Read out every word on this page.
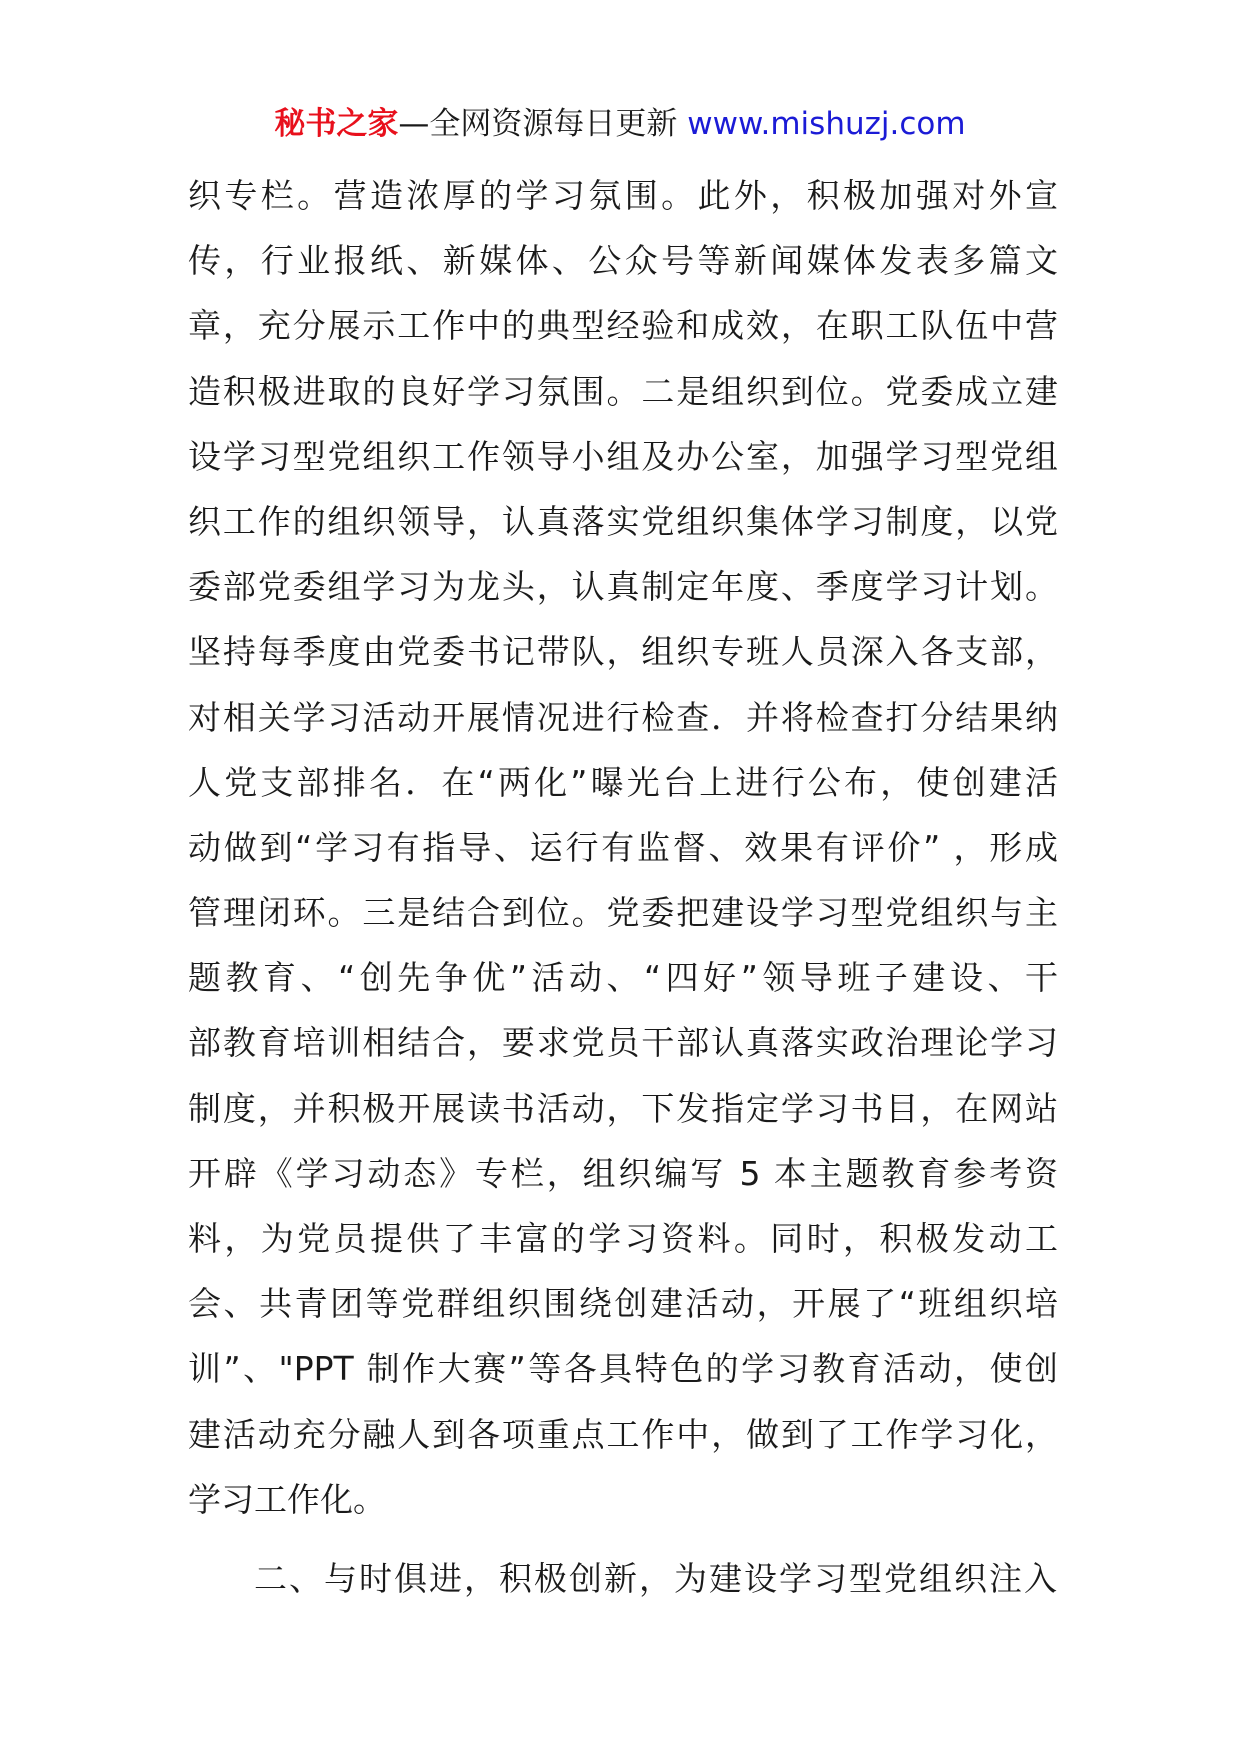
秘书之家—全网资源每日更新 www.mishuzj.com
织专栏。营造浓厚的学习氛围。此外，积极加强对外宣
传，行业报纸、新媒体、公众号等新闻媒体发表多篇文
章，充分展示工作中的典型经验和成效，在职工队伍中营
造积极进取的良好学习氛围。二是组织到位。党委成立建
设学习型党组织工作领导小组及办公室，加强学习型党组
织工作的组织领导，认真落实党组织集体学习制度，以党
委部党委组学习为龙头，认真制定年度、季度学习计划。
坚持每季度由党委书记带队，组织专班人员深入各支部，
对相关学习活动开展情况进行检查．并将检查打分结果纳
人党支部排名．在“两化”曝光台上进行公布，使创建活
动做到“学习有指导、运行有监督、效果有评价” ，形成
管理闭环。三是结合到位。党委把建设学习型党组织与主
题教育、“创先争优”活动、“四好”领导班子建设、干
部教育培训相结合，要求党员干部认真落实政治理论学习
制度，并积极开展读书活动，下发指定学习书目，在网站
开辟《学习动态》专栏，组织编写 5 本主题教育参考资
料，为党员提供了丰富的学习资料。同时，积极发动工
会、共青团等党群组织围绕创建活动，开展了“班组织培
训”、"PPT 制作大赛”等各具特色的学习教育活动，使创
建活动充分融人到各项重点工作中，做到了工作学习化，
学习工作化。
二、与时俱进，积极创新，为建设学习型党组织注入
